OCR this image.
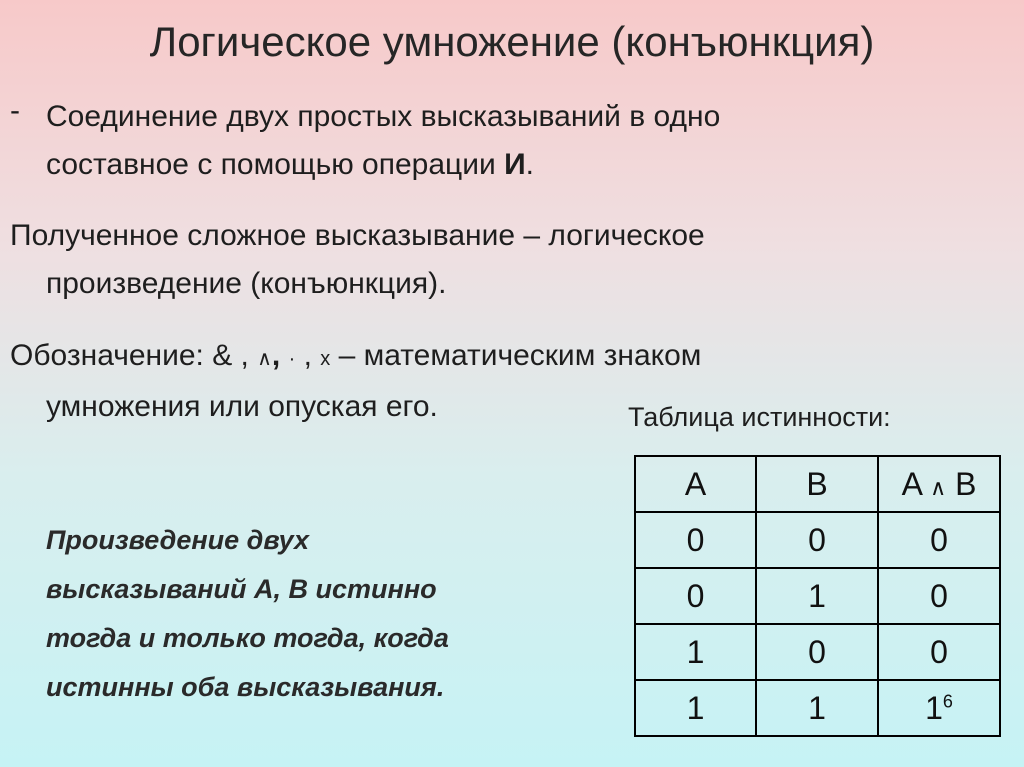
Логическое умножение (конъюнкция)
- Соединение двух простых высказываний в одно
составное с помощью операции И.
Полученное сложное высказывание – логическое
произведение (конъюнкция).
Обозначение: & , ∧, · , x – математическим знаком
умножения или опуская его.	Таблица истинности:
Произведение двух
высказываний А, В истинно
тогда и только тогда, когда
истинны оба высказывания.
A	B	A ∧ B
0	0	0
0	1	0
1	0	0
1	1	$1^6$
